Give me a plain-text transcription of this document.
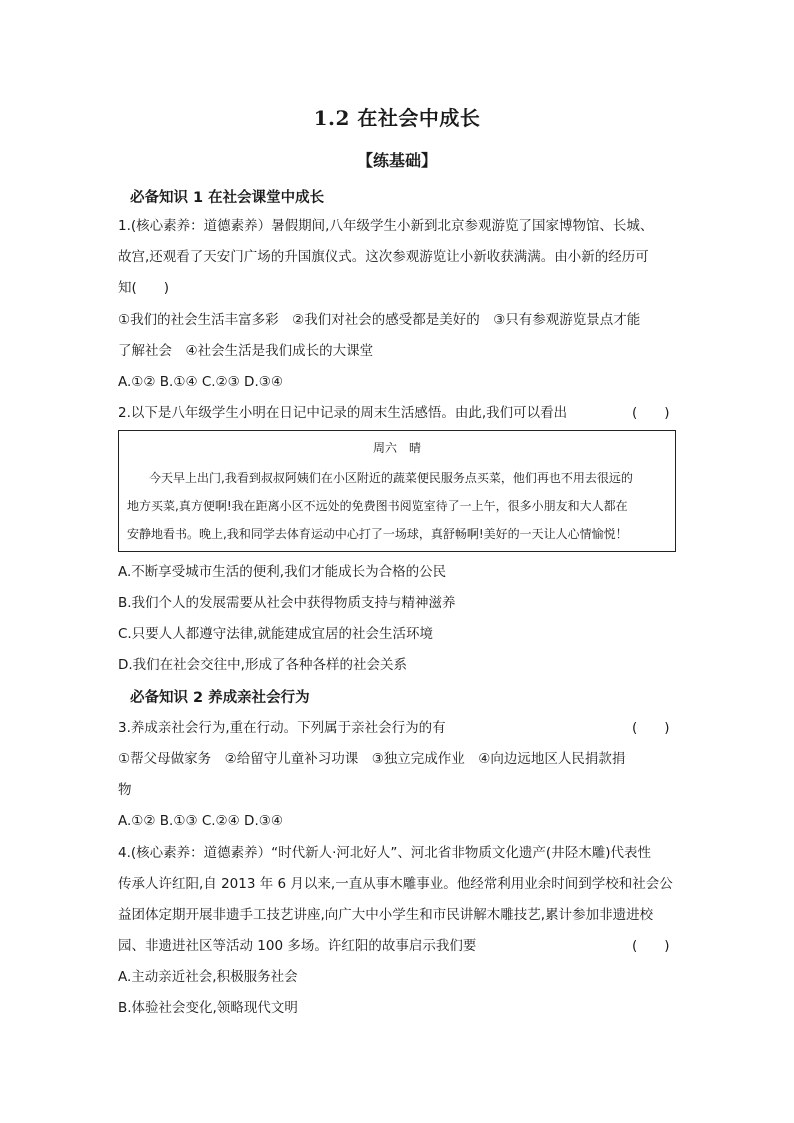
1.2 在社会中成长
【练基础】
必备知识 1 在社会课堂中成长
1.(核心素养：道德素养）暑假期间,八年级学生小新到北京参观游览了国家博物馆、长城、
故宫,还观看了天安门广场的升国旗仪式。这次参观游览让小新收获满满。由小新的经历可
知(　　)
①我们的社会生活丰富多彩　②我们对社会的感受都是美好的　③只有参观游览景点才能
了解社会　④社会生活是我们成长的大课堂
A.①② B.①④ C.②③ D.③④
2.以下是八年级学生小明在日记中记录的周末生活感悟。由此,我们可以看出	(　　)
周六　晴
今天早上出门,我看到叔叔阿姨们在小区附近的蔬菜便民服务点买菜，他们再也不用去很远的
地方买菜,真方便啊!我在距离小区不远处的免费图书阅览室待了一上午，很多小朋友和大人都在
安静地看书。晚上,我和同学去体育运动中心打了一场球，真舒畅啊!美好的一天让人心情愉悦！
A.不断享受城市生活的便利,我们才能成长为合格的公民
B.我们个人的发展需要从社会中获得物质支持与精神滋养
C.只要人人都遵守法律,就能建成宜居的社会生活环境
D.我们在社会交往中,形成了各种各样的社会关系
必备知识 2 养成亲社会行为
3.养成亲社会行为,重在行动。下列属于亲社会行为的有	(　　)
①帮父母做家务　②给留守儿童补习功课　③独立完成作业　④向边远地区人民捐款捐
物
A.①② B.①③ C.②④ D.③④
4.(核心素养：道德素养）“时代新人·河北好人”、河北省非物质文化遗产(井陉木雕)代表性
传承人许红阳,自 2013 年 6 月以来,一直从事木雕事业。他经常利用业余时间到学校和社会公
益团体定期开展非遗手工技艺讲座,向广大中小学生和市民讲解木雕技艺,累计参加非遗进校
园、非遗进社区等活动 100 多场。许红阳的故事启示我们要	(　　)
A.主动亲近社会,积极服务社会
B.体验社会变化,领略现代文明
